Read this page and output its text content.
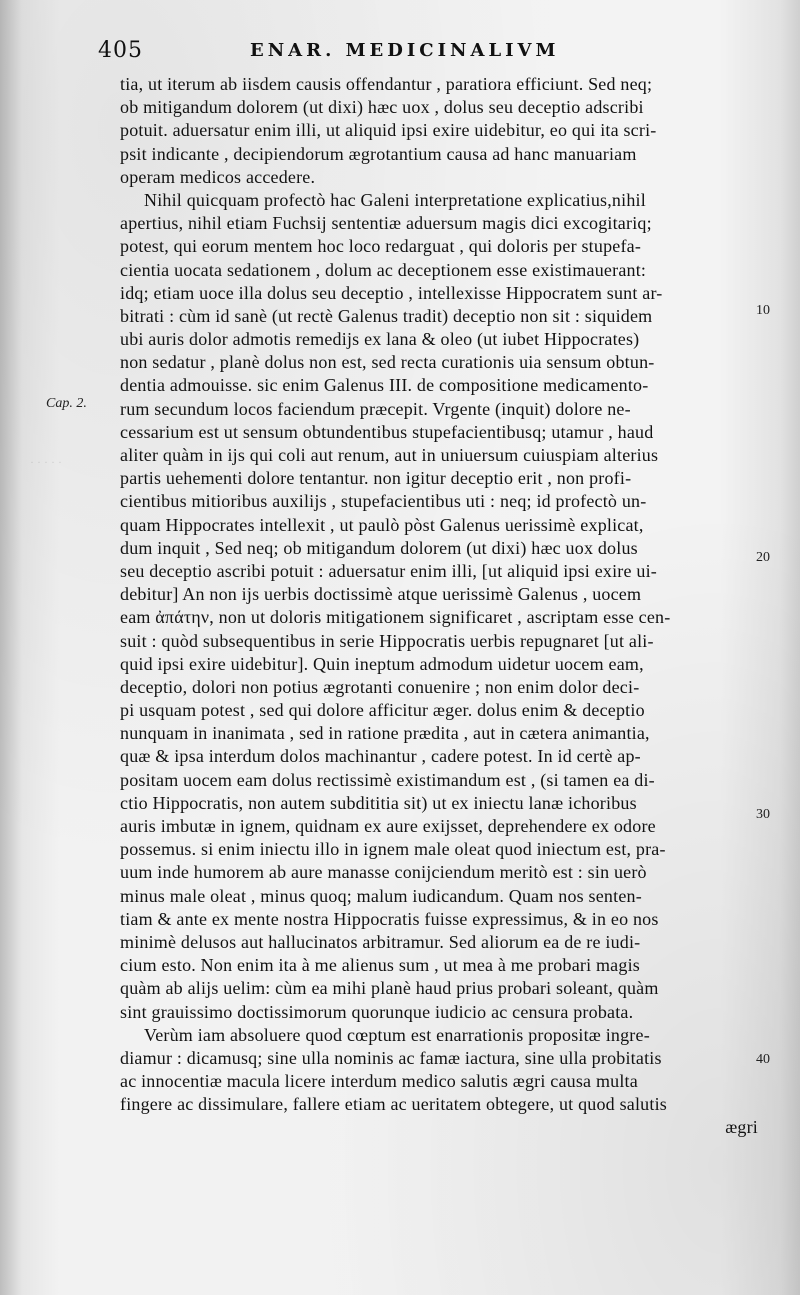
405	ENAR. MEDICINALIVM
tia, ut iterum ab iisdem causis offendantur , paratiora efficiunt. Sed neq;
ob mitigandum dolorem (ut dixi) hæc uox , dolus seu deceptio adscribi
potuit. aduersatur enim illi, ut aliquid ipsi exire uidebitur, eo qui ita scri-
psit indicante , decipiendorum ægrotantium causa ad hanc manuariam
operam medicos accedere.
Nihil quicquam profectò hac Galeni interpretatione explicatius,nihil
apertius, nihil etiam Fuchsij sententiæ aduersum magis dici excogitariq;
potest, qui eorum mentem hoc loco redarguat , qui doloris per stupefa-
cientia uocata sedationem , dolum ac deceptionem esse existimauerant:
idq; etiam uoce illa dolus seu deceptio , intellexisse Hippocratem sunt ar-
bitrati : cùm id sanè (ut rectè Galenus tradit) deceptio non sit : siquidem
ubi auris dolor admotis remedijs ex lana & oleo (ut iubet Hippocrates)
non sedatur , planè dolus non est, sed recta curationis uia sensum obtun-
dentia admouisse. sic enim Galenus III. de compositione medicamento-
rum secundum locos faciendum præcepit. Vrgente (inquit) dolore ne-
cessarium est ut sensum obtundentibus stupefacientibusq; utamur , haud
aliter quàm in ijs qui coli aut renum, aut in uniuersum cuiuspiam alterius
partis uehementi dolore tentantur. non igitur deceptio erit , non profi-
cientibus mitioribus auxilijs , stupefacientibus uti : neq; id profectò un-
quam Hippocrates intellexit , ut paulò pòst Galenus uerissimè explicat,
dum inquit , Sed neq; ob mitigandum dolorem (ut dixi) hæc uox dolus
seu deceptio ascribi potuit : aduersatur enim illi, [ut aliquid ipsi exire ui-
debitur] An non ijs uerbis doctissimè atque uerissimè Galenus , uocem
eam ἀπάτην, non ut doloris mitigationem significaret , ascriptam esse cen-
suit : quòd subsequentibus in serie Hippocratis uerbis repugnaret [ut ali-
quid ipsi exire uidebitur]. Quin ineptum admodum uidetur uocem eam,
deceptio, dolori non potius ægrotanti conuenire ; non enim dolor deci-
pi usquam potest , sed qui dolore afficitur æger. dolus enim & deceptio
nunquam in inanimata , sed in ratione prædita , aut in cætera animantia,
quæ & ipsa interdum dolos machinantur , cadere potest. In id certè ap-
positam uocem eam dolus rectissimè existimandum est , (si tamen ea di-
ctio Hippocratis, non autem subdititia sit) ut ex iniectu lanæ ichoribus
auris imbutæ in ignem, quidnam ex aure exijsset, deprehendere ex odore
possemus. si enim iniectu illo in ignem male oleat quod iniectum est, pra-
uum inde humorem ab aure manasse conijciendum meritò est : sin uerò
minus male oleat , minus quoq; malum iudicandum. Quam nos senten-
tiam & ante ex mente nostra Hippocratis fuisse expressimus, & in eo nos
minimè delusos aut hallucinatos arbitramur. Sed aliorum ea de re iudi-
cium esto. Non enim ita à me alienus sum , ut mea à me probari magis
quàm ab alijs uelim: cùm ea mihi planè haud prius probari soleant, quàm
sint grauissimo doctissimorum quorunque iudicio ac censura probata.
Verùm iam absoluere quod cœptum est enarrationis propositæ ingre-
diamur : dicamusq; sine ulla nominis ac famæ iactura, sine ulla probitatis
ac innocentiæ macula licere interdum medico salutis ægri causa multa
fingere ac dissimulare, fallere etiam ac ueritatem obtegere, ut quod salutis
ægri
Cap. 2.
10
20
30
40
· · · · ·
